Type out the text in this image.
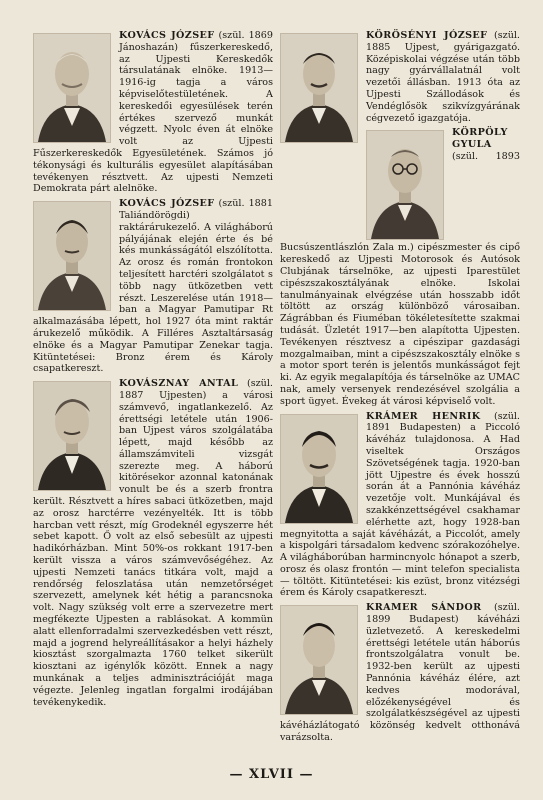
KOVÁCS JÓZSEF (szül. 1869 Jánoshazán) fűszerkereskedő, az Ujpesti Kereskedők társulatának elnöke. 1913—1916-ig tagja a város képviselőtestületének. A kereskedői egyesülések terén értékes szervező munkát végzett. Nyolc éven át elnöke volt az Ujpesti Fűszerkereskedők Egyesületének. Számos jó tékonysági és kulturális egyesület alapításában tevékenyen résztvett. Az ujpesti Nemzeti Demokrata párt alelnöke.

KOVÁCS JÓZSEF (szül. 1881 Taliándörögdi) raktárárukezelő. A világháború pályájának elején érte és bé kés munkásságától elszólította. Az orosz és román frontokon teljesített harctéri szolgálatot s több nagy ütközetben vett részt. Leszerelése után 1918—ban a Magyar Pamutipar Rt alkalmazásába lépett, hol 1927 óta mint raktár árukezelő működik. A Filléres Asztaltársaság elnöke és a Magyar Pamutipar Zenekar tagja. Kitüntetései: Bronz érem és Károly csapatkereszt.

KOVÁSZNAY ANTAL (szül. 1887 Ujpesten) a városi számvevő, ingatlankezelő. Az érettségi letétele után 1906-ban Ujpest város szolgálatába lépett, majd később az államszámviteli vizsgát szerezte meg. A háború kitörésekor azonnal katonának vonult be és a szerb frontra került. Résztvett a híres sabaci ütközetben, majd az orosz harctérre vezényelték. Itt is több harcban vett részt, míg Grodeknél egyszerre hét sebet kapott. Ő volt az első sebesült az ujpesti hadikórházban. Mint 50%-os rokkant 1917-ben került vissza a város számvevőségéhez. Az ujpesti Nemzeti tanács titkára volt, majd a rendőrség feloszlatása után nemzetőrséget szervezett, amelynek két hétig a parancsnoka volt. Nagy szükség volt erre a szervezetre mert megfékezte Ujpesten a rablásokat. A kommün alatt ellenforradalmi szervezkedésben vett részt, majd a jogrend helyreállításakor a helyi házhely kiosztást szorgalmazta 1760 telket sikerült kiosztani az igénylők között. Ennek a nagy munkának a teljes adminisztrációját maga végezte. Jelenleg ingatlan forgalmi irodájában tevékenykedik.

KÖRÖSÉNYI JÓZSEF (szül. 1885 Ujpest, gyárigazgató. Középiskolai végzése után több nagy gyárvállalatnál volt vezetői állásban. 1913 óta az Ujpesti Szállodások és Vendéglősök szikvízgyárának cégvezető igazgatója.

KÖRPÖLY GYULA (szül. 1893 Bucsúszentlászlón Zala m.) cipészmester és cipő kereskedő az Ujpesti Motorosok és Autósok Clubjának társelnöke, az ujpesti Iparestület cipészszakosztályának elnöke. Iskolai tanulmányainak elvégzése után hosszabb időt töltött az ország különböző városaiban. Zágrábban és Fiuméban tökéletesítette szakmai tudását. Üzletét 1917—ben alapította Ujpesten. Tevékenyen résztvesz a cipészipar gazdasági mozgalmaiban, mint a cipészszakosztály elnöke s a motor sport terén is jelentős munkásságot fejt ki. Az egyik megalapítója és társelnöke az UMAC nak, amely versenyek rendezésével szolgália a sport ügyet. Évekeg át városi képviselő volt.

KRÁMER HENRIK (szül. 1891 Budapesten) a Piccoló kávéház tulajdonosa. A Had viseltek Országos Szövetségének tagja. 1920-ban jött Ujpestre és évek hosszú során át a Pannónia kávéház vezetője volt. Munkájával és szakkénzettségével csakhamar elérhette azt, hogy 1928-ban megnyitotta a saját kávéházát, a Piccolót, amely a kispolgári társadalom kedvenc szórakozóhelye. A világháborúban harmincnyolc hónapot a szerb, orosz és olasz frontón — mint telefon specialista — töltött. Kitüntetései: kis ezüst, bronz vitézségi érem és Károly csapatkereszt.

KRAMER SÁNDOR (szül. 1899 Budapest) kávéházi üzletvezető. A kereskedelmi érettségi letétele után háborús frontszolgálatra vonult be. 1932-ben került az ujpesti Pannónia kávéház élére, azt kedves modorával, előzékenységével és szolgálatkészségével az ujpesti kávéházlátogató közönség kedvelt otthonává varázsolta.

— XLVII —
